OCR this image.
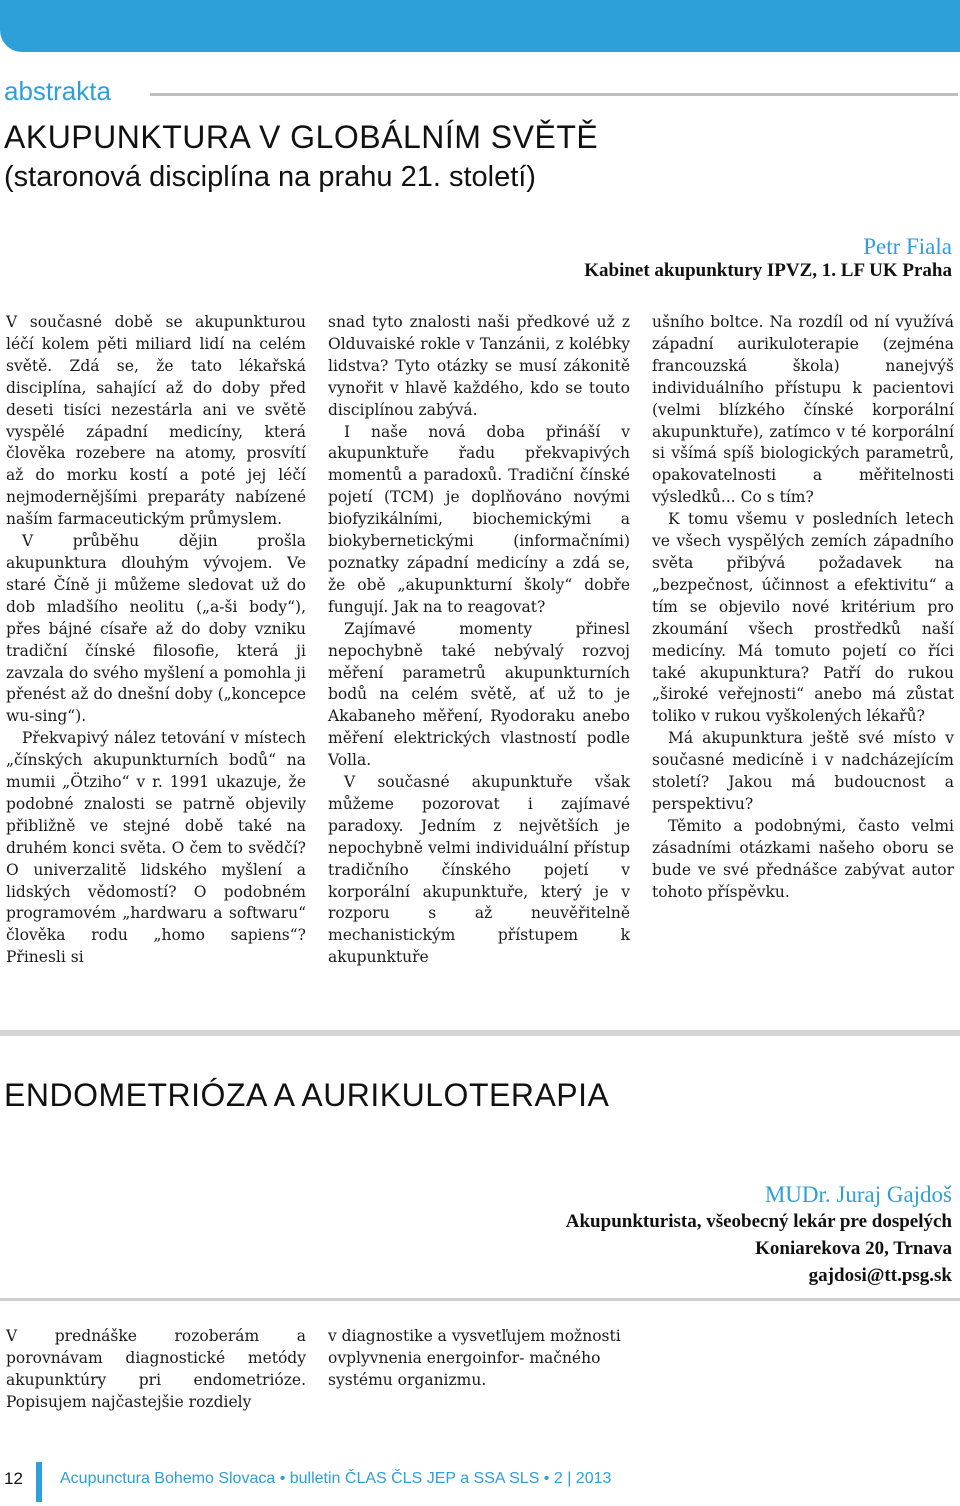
abstrakta
AKUPUNKTURA V GLOBÁLNÍM SVĚTĚ
(staronová disciplína na prahu 21. století)
Petr Fiala
Kabinet akupunktury IPVZ, 1. LF UK Praha

V současné době se akupunkturou léčí kolem pěti miliard lidí na celém světě. Zdá se, že tato lékařská disciplína, sahající až do doby před deseti tisíci nezestárla ani ve světě vyspělé západní medicíny, která člověka rozebere na atomy, prosvítí až do morku kostí a poté jej léčí nejmodernějšími preparáty nabízené naším farmaceutickým průmyslem.

V průběhu dějin prošla akupunktura dlouhým vývojem. Ve staré Číně ji můžeme sledovat už do dob mladšího neolitu („a-ši body“), přes bájné císaře až do doby vzniku tradiční čínské filosofie, která ji zavzala do svého myšlení a pomohla ji přenést až do dnešní doby („koncepce wu-sing“).

Překvapivý nález tetování v místech „čínských akupunkturních bodů“ na mumii „Ötziho“ v r. 1991 ukazuje, že podobné znalosti se patrně objevily přibližně ve stejné době také na druhém konci světa. O čem to svědčí? O univerzalitě lidského myšlení a lidských vědomostí? O podobném programovém „hardwaru a softwaru“ člověka rodu „homo sapiens“? Přinesli si

snad tyto znalosti naši předkové už z Olduvaiské rokle v Tanzánii, z kolébky lidstva? Tyto otázky se musí zákonitě vynořit v hlavě každého, kdo se touto disciplínou zabývá.

I naše nová doba přináší v akupunktuře řadu překvapivých momentů a paradoxů. Tradiční čínské pojetí (TCM) je doplňováno novými biofyzikálními, biochemickými a biokybernetickými (informačními) poznatky západní medicíny a zdá se, že obě „akupunkturní školy“ dobře fungují. Jak na to reagovat?

Zajímavé momenty přinesl nepochybně také nebývalý rozvoj měření parametrů akupunkturních bodů na celém světě, ať už to je Akabaneho měření, Ryodoraku anebo měření elektrických vlastností podle Volla.

V současné akupunktuře však můžeme pozorovat i zajímavé paradoxy. Jedním z největších je nepochybně velmi individuální přístup tradičního čínského pojetí v korporální akupunktuře, který je v rozporu s až neuvěřitelně mechanistickým přístupem k akupunktuře

ušního boltce. Na rozdíl od ní využívá západní aurikuloterapie (zejména francouzská škola) nanejvýš individuálního přístupu k pacientovi (velmi blízkého čínské korporální akupunktuře), zatímco v té korporální si všímá spíš biologických parametrů, opakovatelnosti a měřitelnosti výsledků... Co s tím?

K tomu všemu v posledních letech ve všech vyspělých zemích západního světa přibývá požadavek na „bezpečnost, účinnost a efektivitu“ a tím se objevilo nové kritérium pro zkoumání všech prostředků naší medicíny. Má tomuto pojetí co říci také akupunktura? Patří do rukou „široké veřejnosti“ anebo má zůstat toliko v rukou vyškolených lékařů?

Má akupunktura ještě své místo v současné medicíně i v nadcházejícím století? Jakou má budoucnost a perspektivu?

Těmito a podobnými, často velmi zásadními otázkami našeho oboru se bude ve své přednášce zabývat autor tohoto příspěvku.

ENDOMETRIÓZA A AURIKULOTERAPIA
MUDr. Juraj Gajdoš
Akupunkturista, všeobecný lekár pre dospelých
Koniarekova 20, Trnava
gajdosi@tt.psg.sk

V prednáške rozoberám a porovnávam diagnostické metódy akupunktúry pri endometrióze. Popisujem najčastejšie rozdiely

v diagnostike a vysvetľujem možnosti ovplyvnenia energoinfor- mačného systému organizmu.

12 Acupunctura Bohemo Slovaca • bulletin ČLAS ČLS JEP a SSA SLS • 2 | 2013
